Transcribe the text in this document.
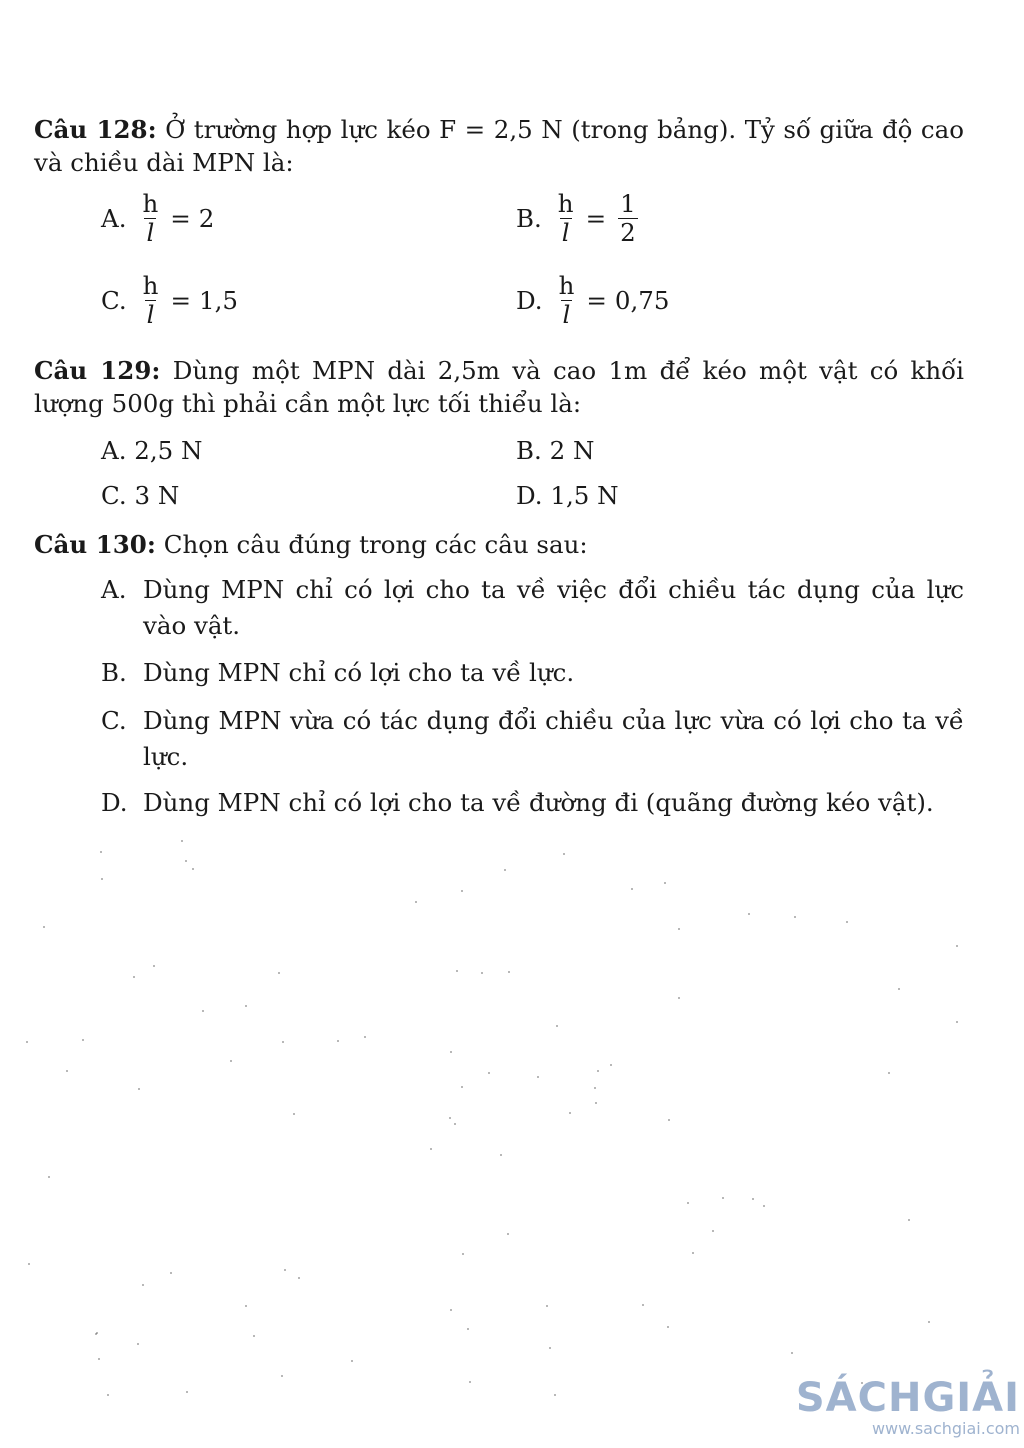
Câu 128: Ở trường hợp lực kéo F = 2,5 N (trong bảng). Tỷ số giữa độ cao và chiều dài MPN là:
A. $\frac{h}{l} = 2$	B. $\frac{h}{l} = \frac{1}{2}$
C. $\frac{h}{l} = 1,5$	D. $\frac{h}{l} = 0,75$
Câu 129: Dùng một MPN dài 2,5m và cao 1m để kéo một vật có khối lượng 500g thì phải cần một lực tối thiểu là:
A. 2,5 N	B. 2 N
C. 3 N	D. 1,5 N
Câu 130: Chọn câu đúng trong các câu sau:
A. Dùng MPN chỉ có lợi cho ta về việc đổi chiều tác dụng của lực vào vật.
B. Dùng MPN chỉ có lợi cho ta về lực.
C. Dùng MPN vừa có tác dụng đổi chiều của lực vừa có lợi cho ta về lực.
D. Dùng MPN chỉ có lợi cho ta về đường đi (quãng đường kéo vật).
SÁCHGIẢI
www.sachgiai.com
